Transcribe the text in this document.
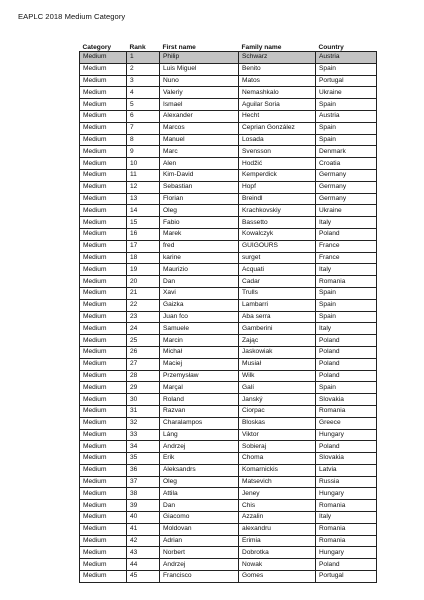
EAPLC 2018 Medium Category
Category	Rank	First name	Family name	Country
Medium	1	Philip	Schwarz	Austria
Medium	2	Luis Miguel	Benito	Spain
Medium	3	Nuno	Matos	Portugal
Medium	4	Valeriy	Nemashkalo	Ukraine
Medium	5	Ismael	Aguilar Soria	Spain
Medium	6	Alexander	Hecht	Austria
Medium	7	Marcos	Ceprian González	Spain
Medium	8	Manuel	Losada	Spain
Medium	9	Marc	Svensson	Denmark
Medium	10	Alen	Hodžić	Croatia
Medium	11	Kim-David	Kemperdick	Germany
Medium	12	Sebastian	Hopf	Germany
Medium	13	Florian	Breindl	Germany
Medium	14	Oleg	Krachkovskiy	Ukraine
Medium	15	Fabio	Bassetto	Italy
Medium	16	Marek	Kowalczyk	Poland
Medium	17	fred	GUIGOURS	France
Medium	18	karine	surget	France
Medium	19	Maurizio	Acquati	Italy
Medium	20	Dan	Cadar	Romania
Medium	21	Xavi	Trulls	Spain
Medium	22	Gaizka	Lambarri	Spain
Medium	23	Juan fco	Aba serra	Spain
Medium	24	Samuele	Gamberini	Italy
Medium	25	Marcin	Zając	Poland
Medium	26	Michał	Jaskowiak	Poland
Medium	27	Maciej	Musiał	Poland
Medium	28	Przemysław	Wilk	Poland
Medium	29	Marçal	Galí	Spain
Medium	30	Roland	Janský	Slovakia
Medium	31	Razvan	Ciorpac	Romania
Medium	32	Charalampos	Bloskas	Greece
Medium	33	Láng	Viktor	Hungary
Medium	34	Andrzej	Sobieraj	Poland
Medium	35	Erik	Choma	Slovakia
Medium	36	Aleksandrs	Komarnickis	Latvia
Medium	37	Oleg	Matsevich	Russia
Medium	38	Attila	Jeney	Hungary
Medium	39	Dan	Chis	Romania
Medium	40	Giacomo	Azzalin	Italy
Medium	41	Moldovan	alexandru	Romania
Medium	42	Adrian	Erimia	Romania
Medium	43	Norbert	Dobrotka	Hungary
Medium	44	Andrzej	Nowak	Poland
Medium	45	Francisco	Gomes	Portugal
